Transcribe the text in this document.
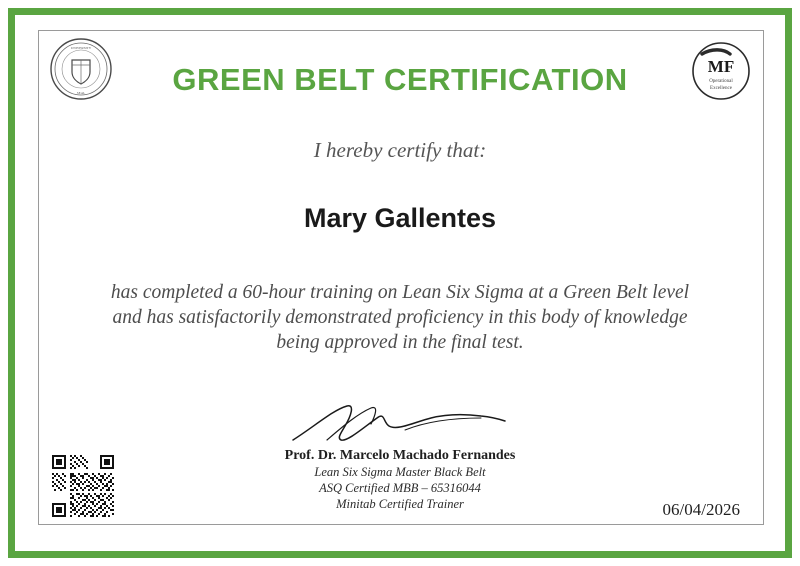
UNIVERSITY
SEAL
MF
Operational
Excellence
GREEN BELT CERTIFICATION
I hereby certify that:
Mary Gallentes
has completed a 60-hour training on Lean Six Sigma at a Green Belt level and has satisfactorily demonstrated proficiency in this body of knowledge being approved in the final test.
Prof. Dr. Marcelo Machado Fernandes
Lean Six Sigma Master Black Belt
ASQ Certified MBB – 65316044
Minitab Certified Trainer	06/04/2026
